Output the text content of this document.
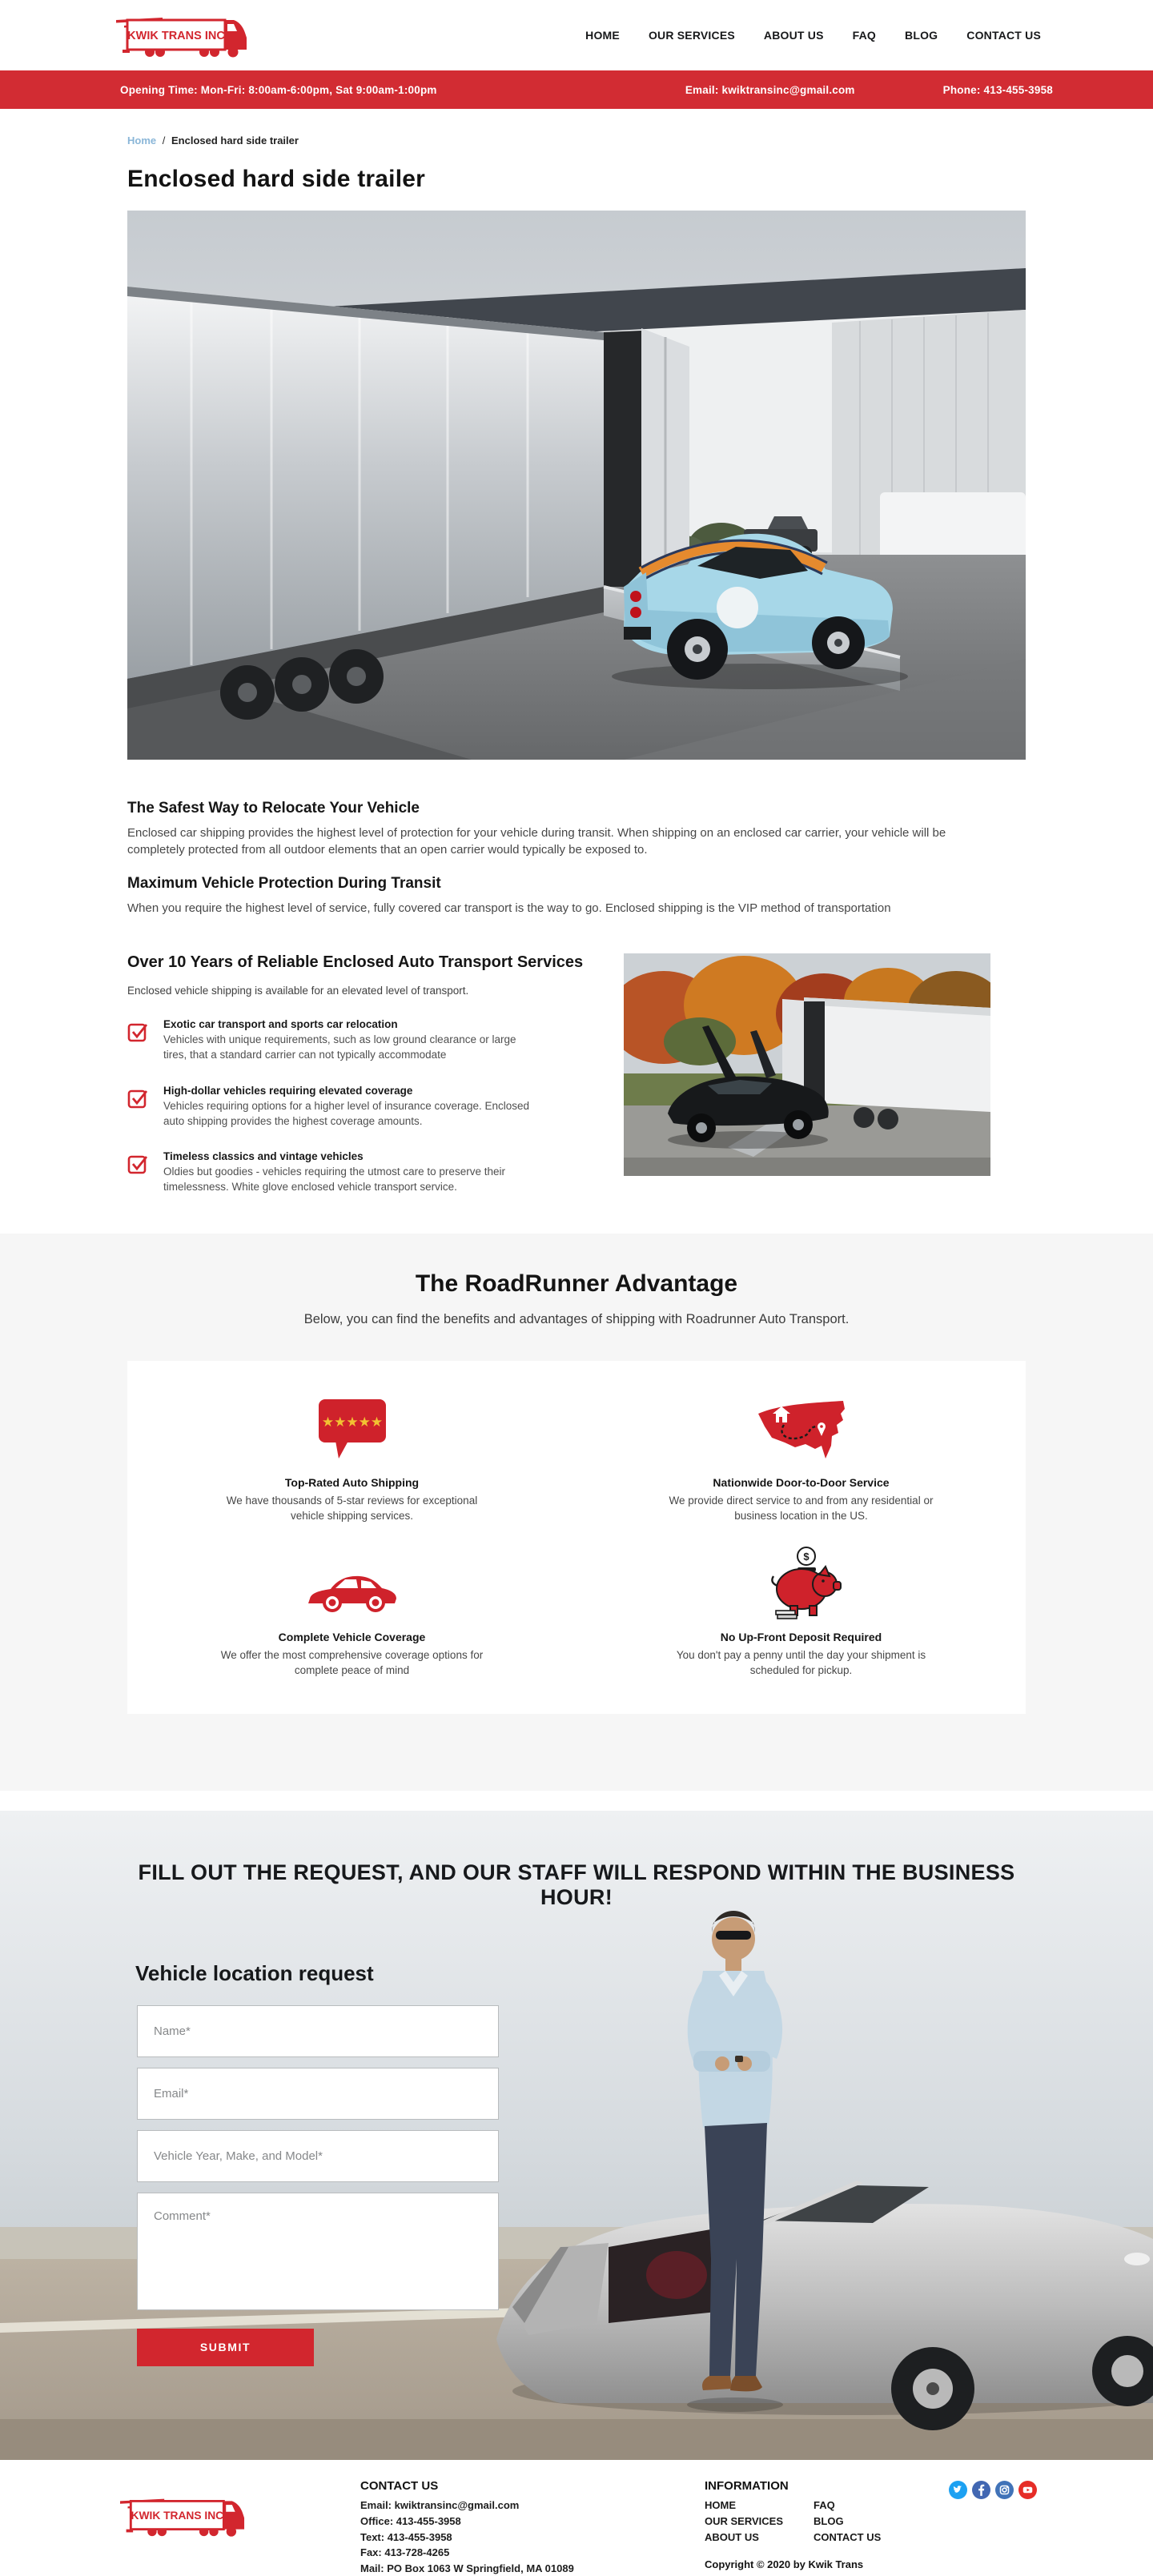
KWIK TRANS INC	HOME	OUR SERVICES	ABOUT US	FAQ	BLOG	CONTACT US
Opening Time: Mon-Fri: 8:00am-6:00pm, Sat 9:00am-1:00pm	Email: kwiktransinc@gmail.com	Phone: 413-455-3958
Home / Enclosed hard side trailer
Enclosed hard side trailer
The Safest Way to Relocate Your Vehicle

Enclosed car shipping provides the highest level of protection for your vehicle during transit. When shipping on an enclosed car carrier, your vehicle will be completely protected from all outdoor elements that an open carrier would typically be exposed to.

Maximum Vehicle Protection During Transit

When you require the highest level of service, fully covered car transport is the way to go. Enclosed shipping is the VIP method of transportation

Over 10 Years of Reliable Enclosed Auto Transport Services

Enclosed vehicle shipping is available for an elevated level of transport.

Exotic car transport and sports car relocation
Vehicles with unique requirements, such as low ground clearance or large tires, that a standard carrier can not typically accommodate
High-dollar vehicles requiring elevated coverage
Vehicles requiring options for a higher level of insurance coverage. Enclosed auto shipping provides the highest coverage amounts.
Timeless classics and vintage vehicles
Oldies but goodies - vehicles requiring the utmost care to preserve their timelessness. White glove enclosed vehicle transport service.
The RoadRunner Advantage

Below, you can find the benefits and advantages of shipping with Roadrunner Auto Transport.

★★★★★
Top-Rated Auto Shipping
We have thousands of 5-star reviews for exceptional vehicle shipping services.
Nationwide Door-to-Door Service
We provide direct service to and from any residential or business location in the US.
Complete Vehicle Coverage
We offer the most comprehensive coverage options for complete peace of mind
$
No Up-Front Deposit Required
You don't pay a penny until the day your shipment is scheduled for pickup.
FILL OUT THE REQUEST, AND OUR STAFF WILL RESPOND WITHIN THE BUSINESS HOUR!
Vehicle location request
Name*
Email*
Vehicle Year, Make, and Model*
Comment*
SUBMIT
KWIK TRANS INC
CONTACT US
Email: kwiktransinc@gmail.com
Office: 413-455-3958
Text: 413-455-3958
Fax: 413-728-4265
Mail: PO Box 1063 W Springfield, MA 01089
INFORMATION
HOME
OUR SERVICES
ABOUT US
FAQ
BLOG
CONTACT US
Copyright © 2020 by Kwik Trans
